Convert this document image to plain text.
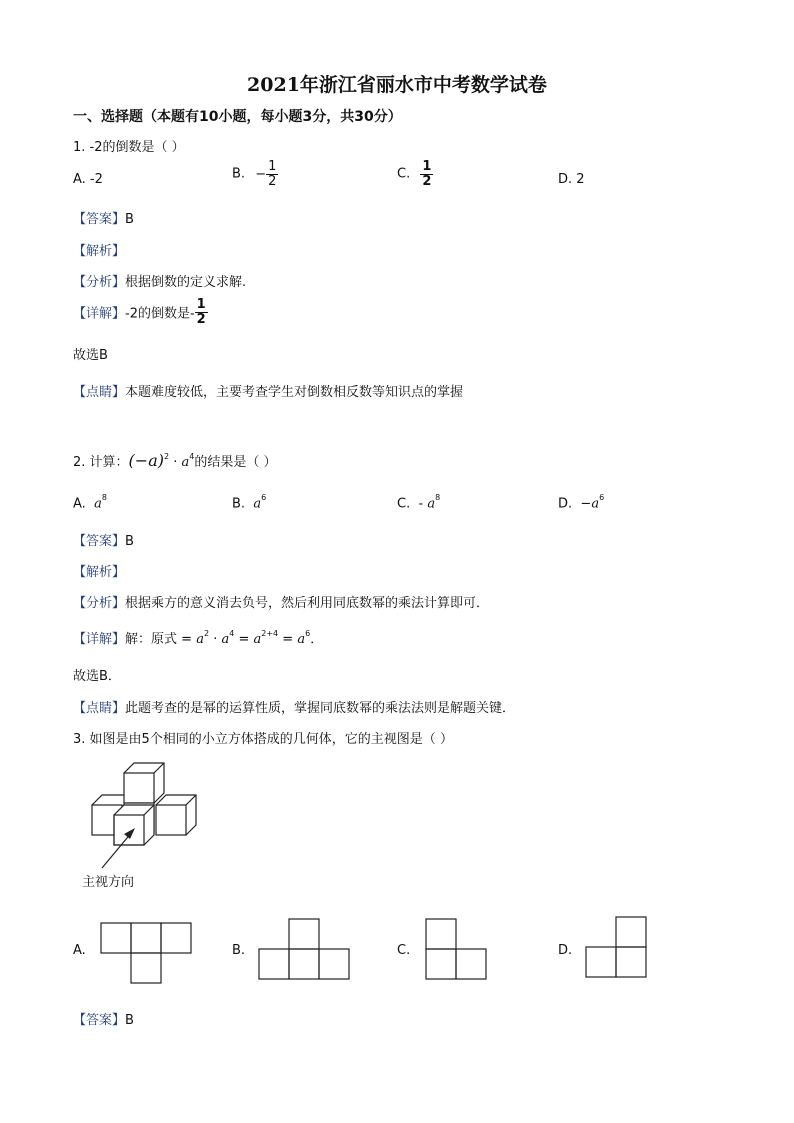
2021年浙江省丽水市中考数学试卷
一、选择题（本题有10小题，每小题3分，共30分）
1. -2的倒数是（ ）
A. -2	B. − $\frac{1}{2}$	C. $\frac{1}{2}$	D. 2
【答案】B
【解析】
【分析】根据倒数的定义求解.
【详解】-2的倒数是- $\frac{1}{2}$
故选B
【点睛】本题难度较低，主要考查学生对倒数相反数等知识点的掌握
2. 计算：$(-a)^2 \cdot a^4$的结果是（ ）
A. $a^8$	B. $a^6$	C. - $a^8$	D. $-a^6$
【答案】B
【解析】
【分析】根据乘方的意义消去负号，然后利用同底数幂的乘法计算即可．
【详解】解：原式 = $a^2 \cdot a^4 = a^{2+4} = a^6$．
故选B．
【点睛】此题考查的是幂的运算性质，掌握同底数幂的乘法法则是解题关键．
3. 如图是由5个相同的小立方体搭成的几何体，它的主视图是（ ）
主视方向
A.	B.	C.	D.
【答案】B
